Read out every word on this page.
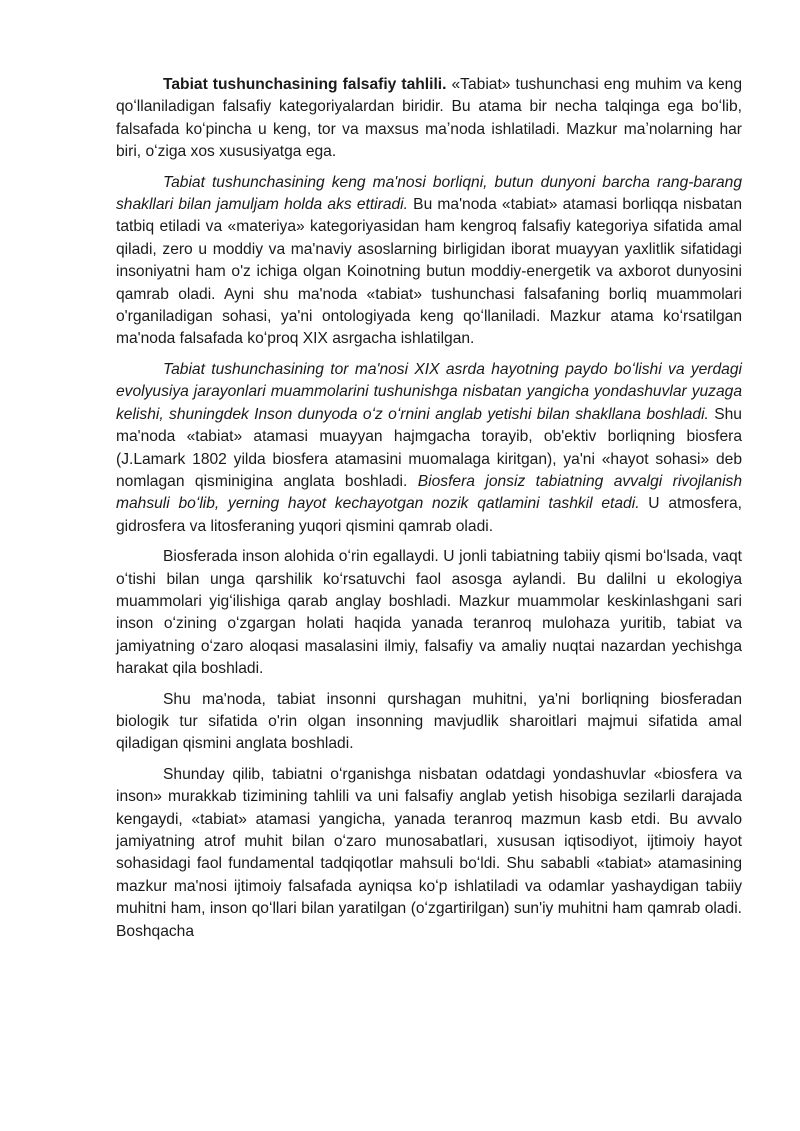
Tabiat tushunchasining falsafiy tahlili. «Tabiat» tushunchasi eng muhim va keng qoʻllaniladigan falsafiy kategoriyalardan biridir. Bu atama bir necha talqinga ega boʻlib, falsafada koʻpincha u keng, tor va maxsus maʼnoda ishlatiladi. Mazkur maʼnolarning har biri, oʻziga xos xususiyatga ega.

Tabiat tushunchasining keng ma'nosi borliqni, butun dunyoni barcha rang-barang shakllari bilan jamuljam holda aks ettiradi. Bu ma'noda «tabiat» atamasi borliqqa nisbatan tatbiq etiladi va «materiya» kategoriyasidan ham kengroq falsafiy kategoriya sifatida amal qiladi, zero u moddiy va ma'naviy asoslarning birligidan iborat muayyan yaxlitlik sifatidagi insoniyatni ham o'z ichiga olgan Koinotning butun moddiy-energetik va axborot dunyosini qamrab oladi. Ayni shu ma'noda «tabiat» tushunchasi falsafaning borliq muammolari o'rganiladigan sohasi, ya'ni ontologiyada keng qoʻllaniladi. Mazkur atama koʻrsatilgan ma'noda falsafada koʻproq XIX asrgacha ishlatilgan.

Tabiat tushunchasining tor ma'nosi XIX asrda hayotning paydo boʻlishi va yerdagi evolyusiya jarayonlari muammolarini tushunishga nisbatan yangicha yondashuvlar yuzaga kelishi, shuningdek Inson dunyoda oʻz oʻrnini anglab yetishi bilan shakllana boshladi. Shu ma'noda «tabiat» atamasi muayyan hajmgacha torayib, ob'ektiv borliqning biosfera (J.Lamark 1802 yilda biosfera atamasini muomalaga kiritgan), ya'ni «hayot sohasi» deb nomlagan qisminigina anglata boshladi. Biosfera jonsiz tabiatning avvalgi rivojlanish mahsuli boʻlib, yerning hayot kechayotgan nozik qatlamini tashkil etadi. U atmosfera, gidrosfera va litosferaning yuqori qismini qamrab oladi.

Biosferada inson alohida oʻrin egallaydi. U jonli tabiatning tabiiy qismi boʻlsada, vaqt oʻtishi bilan unga qarshilik koʻrsatuvchi faol asosga aylandi. Bu dalilni u ekologiya muammolari yigʻilishiga qarab anglay boshladi. Mazkur muammolar keskinlashgani sari inson oʻzining oʻzgargan holati haqida yanada teranroq mulohaza yuritib, tabiat va jamiyatning oʻzaro aloqasi masalasini ilmiy, falsafiy va amaliy nuqtai nazardan yechishga harakat qila boshladi.

Shu ma'noda, tabiat insonni qurshagan muhitni, ya'ni borliqning biosferadan biologik tur sifatida o'rin olgan insonning mavjudlik sharoitlari majmui sifatida amal qiladigan qismini anglata boshladi.

Shunday qilib, tabiatni oʻrganishga nisbatan odatdagi yondashuvlar «biosfera va inson» murakkab tizimining tahlili va uni falsafiy anglab yetish hisobiga sezilarli darajada kengaydi, «tabiat» atamasi yangicha, yanada teranroq mazmun kasb etdi. Bu avvalo jamiyatning atrof muhit bilan oʻzaro munosabatlari, xususan iqtisodiyot, ijtimoiy hayot sohasidagi faol fundamental tadqiqotlar mahsuli boʻldi. Shu sababli «tabiat» atamasining mazkur ma'nosi ijtimoiy falsafada ayniqsa koʻp ishlatiladi va odamlar yashaydigan tabiiy muhitni ham, inson qoʻllari bilan yaratilgan (oʻzgartirilgan) sun'iy muhitni ham qamrab oladi. Boshqacha
